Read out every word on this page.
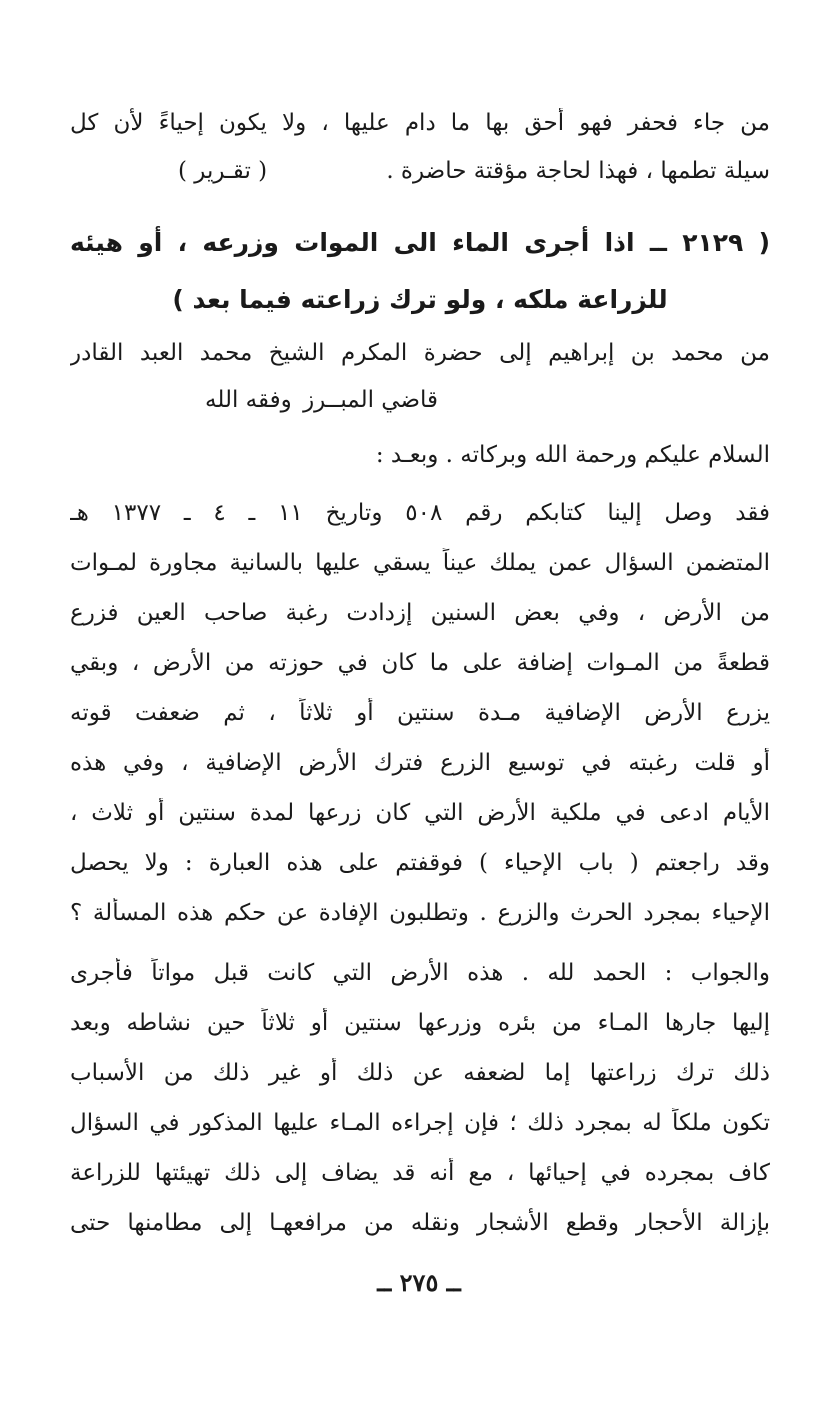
من جاء فحفر فهو أحق بها ما دام عليها ، ولا يكون إحياءً لأن كل
سيلة تطمها ، فهذا لحاجة مؤقتة حاضرة .
( تقـرير )
( ٢١٢٩ ــ اذا أجرى الماء الى الموات وزرعه ، أو هيئه
للزراعة ملكه ، ولو ترك زراعته فيما بعد )
من محمد بن إبراهيم إلى حضرة المكرم الشيخ محمد العبد القادر
قاضي المبــرز
وفقه الله
السلام عليكم ورحمة الله وبركاته . وبعـد :
فقد وصل إلينا كتابكم رقم ٥٠٨ وتاريخ ١١ ـ ٤ ـ ١٣٧٧ هـ
المتضمن السؤال عمن يملك عيناً يسقي عليها بالسانية مجاورة لمـوات
من الأرض ، وفي بعض السنين إزدادت رغبة صاحب العين فزرع
قطعةً من المـوات إضافة على ما كان في حوزته من الأرض ، وبقي
يزرع الأرض الإضافية مـدة سنتين أو ثلاثاً ، ثم ضعفت قوته
أو قلت رغبته في توسيع الزرع فترك الأرض الإضافية ، وفي هذه
الأيام ادعى في ملكية الأرض التي كان زرعها لمدة سنتين أو ثلاث ،
وقد راجعتم ( باب الإحياء ) فوقفتم على هذه العبارة : ولا يحصل
الإحياء بمجرد الحرث والزرع . وتطلبون الإفادة عن حكم هذه المسألة ؟
والجواب : الحمد لله . هذه الأرض التي كانت قبل مواتاً فأجرى
إليها جارها المـاء من بئره وزرعها سنتين أو ثلاثاً حين نشاطه وبعد
ذلك ترك زراعتها إما لضعفه عن ذلك أو غير ذلك من الأسباب
تكون ملكاً له بمجرد ذلك ؛ فإن إجراءه المـاء عليها المذكور في السؤال
كاف بمجرده في إحيائها ، مع أنه قد يضاف إلى ذلك تهيئتها للزراعة
بإزالة الأحجار وقطع الأشجار ونقله من مرافعهـا إلى مطامنها حتى
ــ ٢٧٥ ــ
